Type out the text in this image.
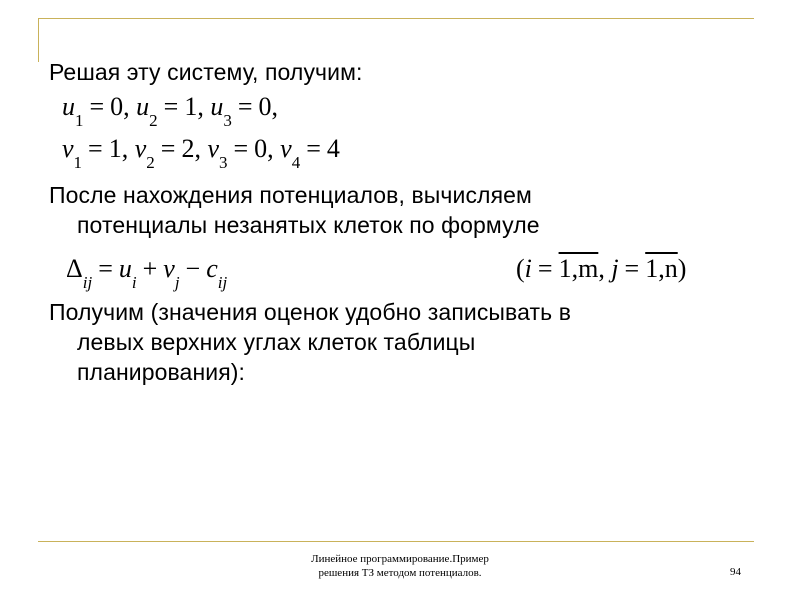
Решая эту систему, получим:
$u_1 = 0$, $u_2 = 1$, $u_3 = 0$,
$v_1 = 1$, $v_2 = 2$, $v_3 = 0$, $v_4 = 4$
После нахождения потенциалов, вычисляем
потенциалы незанятых клеток по формуле
$\Delta_{ij} = u_i + v_j - c_{ij}$	(i = 1,m, j = 1,n)
Получим (значения оценок удобно записывать в
левых верхних углах клеток таблицы
планирования):
Линейное программирование.Пример
решения ТЗ методом потенциалов.	94
